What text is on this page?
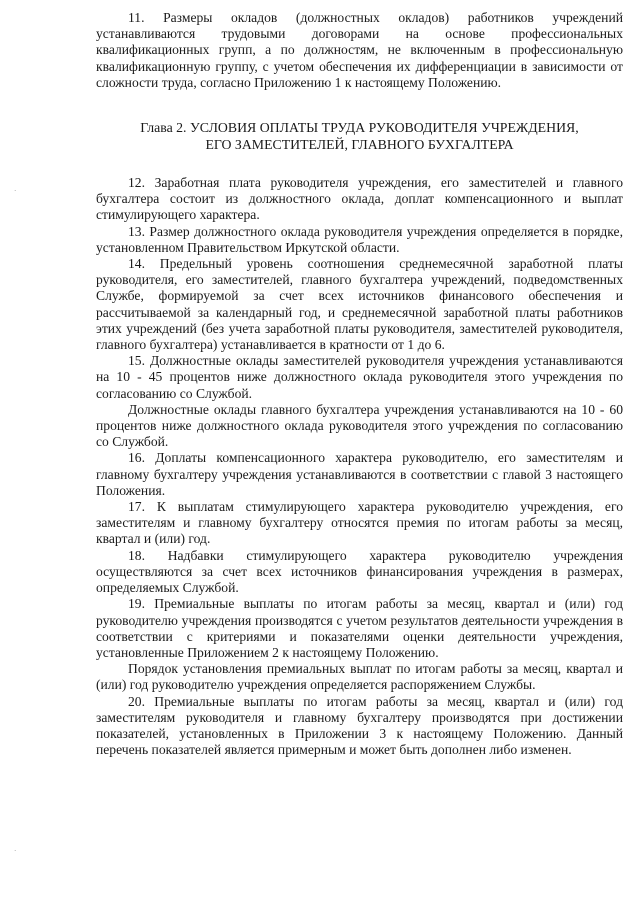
11. Размеры окладов (должностных окладов) работников учреждений устанавливаются трудовыми договорами на основе профессиональных квалификационных групп, а по должностям, не включенным в профессиональную квалификационную группу, с учетом обеспечения их дифференциации в зависимости от сложности труда, согласно Приложению 1 к настоящему Положению.

Глава 2. УСЛОВИЯ ОПЛАТЫ ТРУДА РУКОВОДИТЕЛЯ УЧРЕЖДЕНИЯ,
ЕГО ЗАМЕСТИТЕЛЕЙ, ГЛАВНОГО БУХГАЛТЕРА

12. Заработная плата руководителя учреждения, его заместителей и главного бухгалтера состоит из должностного оклада, доплат компенсационного и выплат стимулирующего характера.

13. Размер должностного оклада руководителя учреждения определяется в порядке, установленном Правительством Иркутской области.

14. Предельный уровень соотношения среднемесячной заработной платы руководителя, его заместителей, главного бухгалтера учреждений, подведомственных Службе, формируемой за счет всех источников финансового обеспечения и рассчитываемой за календарный год, и среднемесячной заработной платы работников этих учреждений (без учета заработной платы руководителя, заместителей руководителя, главного бухгалтера) устанавливается в кратности от 1 до 6.

15. Должностные оклады заместителей руководителя учреждения устанавливаются на 10 - 45 процентов ниже должностного оклада руководителя этого учреждения по согласованию со Службой.

Должностные оклады главного бухгалтера учреждения устанавливаются на 10 - 60 процентов ниже должностного оклада руководителя этого учреждения по согласованию со Службой.

16. Доплаты компенсационного характера руководителю, его заместителям и главному бухгалтеру учреждения устанавливаются в соответствии с главой 3 настоящего Положения.

17. К выплатам стимулирующего характера руководителю учреждения, его заместителям и главному бухгалтеру относятся премия по итогам работы за месяц, квартал и (или) год.

18. Надбавки стимулирующего характера руководителю учреждения осуществляются за счет всех источников финансирования учреждения в размерах, определяемых Службой.

19. Премиальные выплаты по итогам работы за месяц, квартал и (или) год руководителю учреждения производятся с учетом результатов деятельности учреждения в соответствии с критериями и показателями оценки деятельности учреждения, установленные Приложением 2 к настоящему Положению.

Порядок установления премиальных выплат по итогам работы за месяц, квартал и (или) год руководителю учреждения определяется распоряжением Службы.

20. Премиальные выплаты по итогам работы за месяц, квартал и (или) год заместителям руководителя и главному бухгалтеру производятся при достижении показателей, установленных в Приложении 3 к настоящему Положению. Данный перечень показателей является примерным и может быть дополнен либо изменен.

·
·
